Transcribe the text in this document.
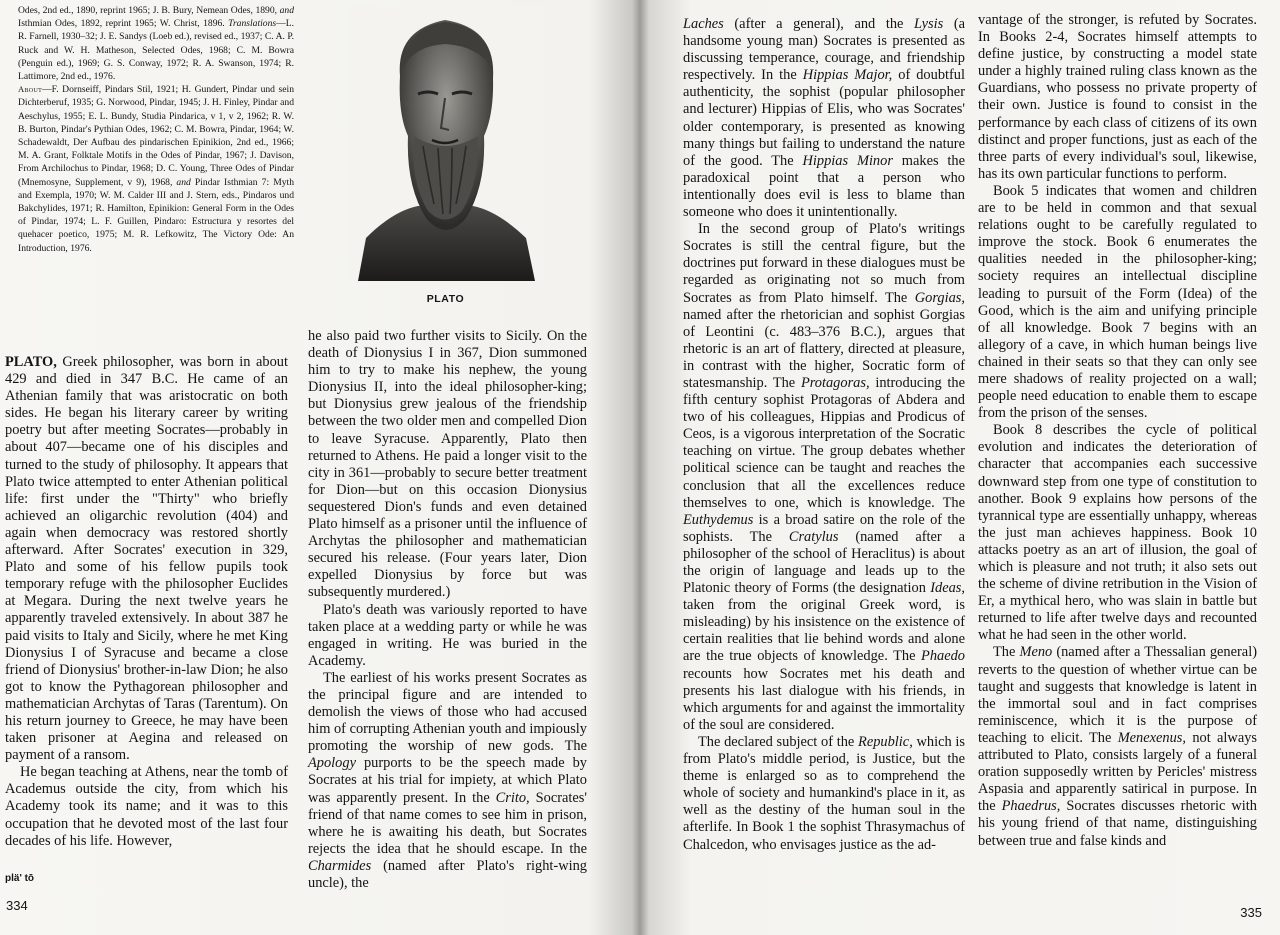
Odes, 2nd ed., 1890, reprint 1965; J. B. Bury, Nemean Odes, 1890, and Isthmian Odes, 1892, reprint 1965; W. Christ, 1896. Translations—L. R. Farnell, 1930–32; J. E. Sandys (Loeb ed.), revised ed., 1937; C. A. P. Ruck and W. H. Matheson, Selected Odes, 1968; C. M. Bowra (Penguin ed.), 1969; G. S. Conway, 1972; R. A. Swanson, 1974; R. Lattimore, 2nd ed., 1976.

About—F. Dornseiff, Pindars Stil, 1921; H. Gundert, Pindar und sein Dichterberuf, 1935; G. Norwood, Pindar, 1945; J. H. Finley, Pindar and Aeschylus, 1955; E. L. Bundy, Studia Pindarica, v 1, v 2, 1962; R. W. B. Burton, Pindar's Pythian Odes, 1962; C. M. Bowra, Pindar, 1964; W. Schadewaldt, Der Aufbau des pindarischen Epinikion, 2nd ed., 1966; M. A. Grant, Folktale Motifs in the Odes of Pindar, 1967; J. Davison, From Archilochus to Pindar, 1968; D. C. Young, Three Odes of Pindar (Mnemosyne, Supplement, v 9), 1968, and Pindar Isthmian 7: Myth and Exempla, 1970; W. M. Calder III and J. Stern, eds., Pindaros und Bakchylides, 1971; R. Hamilton, Epinikion: General Form in the Odes of Pindar, 1974; L. F. Guillen, Pindaro: Estructura y resortes del quehacer poetico, 1975; M. R. Lefkowitz, The Victory Ode: An Introduction, 1976.

PLATO

PLATO, Greek philosopher, was born in about 429 and died in 347 B.C. He came of an Athenian family that was aristocratic on both sides. He began his literary career by writing poetry but after meeting Socrates—probably in about 407—became one of his disciples and turned to the study of philosophy. It appears that Plato twice attempted to enter Athenian political life: first under the "Thirty" who briefly achieved an oligarchic revolution (404) and again when democracy was restored shortly afterward. After Socrates' execution in 329, Plato and some of his fellow pupils took temporary refuge with the philosopher Euclides at Megara. During the next twelve years he apparently traveled extensively. In about 387 he paid visits to Italy and Sicily, where he met King Dionysius I of Syracuse and became a close friend of Dionysius' brother-in-law Dion; he also got to know the Pythagorean philosopher and mathematician Archytas of Taras (Tarentum). On his return journey to Greece, he may have been taken prisoner at Aegina and released on payment of a ransom.

He began teaching at Athens, near the tomb of Academus outside the city, from which his Academy took its name; and it was to this occupation that he devoted most of the last four decades of his life. However,

plä' tō

he also paid two further visits to Sicily. On the death of Dionysius I in 367, Dion summoned him to try to make his nephew, the young Dionysius II, into the ideal philosopher-king; but Dionysius grew jealous of the friendship between the two older men and compelled Dion to leave Syracuse. Apparently, Plato then returned to Athens. He paid a longer visit to the city in 361—probably to secure better treatment for Dion—but on this occasion Dionysius sequestered Dion's funds and even detained Plato himself as a prisoner until the influence of Archytas the philosopher and mathematician secured his release. (Four years later, Dion expelled Dionysius by force but was subsequently murdered.)

Plato's death was variously reported to have taken place at a wedding party or while he was engaged in writing. He was buried in the Academy.

The earliest of his works present Socrates as the principal figure and are intended to demolish the views of those who had accused him of corrupting Athenian youth and impiously promoting the worship of new gods. The Apology purports to be the speech made by Socrates at his trial for impiety, at which Plato was apparently present. In the Crito, Socrates' friend of that name comes to see him in prison, where he is awaiting his death, but Socrates rejects the idea that he should escape. In the Charmides (named after Plato's right-wing uncle), the

334

Laches (after a general), and the Lysis (a handsome young man) Socrates is presented as discussing temperance, courage, and friendship respectively. In the Hippias Major, of doubtful authenticity, the sophist (popular philosopher and lecturer) Hippias of Elis, who was Socrates' older contemporary, is presented as knowing many things but failing to understand the nature of the good. The Hippias Minor makes the paradoxical point that a person who intentionally does evil is less to blame than someone who does it unintentionally.

In the second group of Plato's writings Socrates is still the central figure, but the doctrines put forward in these dialogues must be regarded as originating not so much from Socrates as from Plato himself. The Gorgias, named after the rhetorician and sophist Gorgias of Leontini (c. 483–376 B.C.), argues that rhetoric is an art of flattery, directed at pleasure, in contrast with the higher, Socratic form of statesmanship. The Protagoras, introducing the fifth century sophist Protagoras of Abdera and two of his colleagues, Hippias and Prodicus of Ceos, is a vigorous interpretation of the Socratic teaching on virtue. The group debates whether political science can be taught and reaches the conclusion that all the excellences reduce themselves to one, which is knowledge. The Euthydemus is a broad satire on the role of the sophists. The Cratylus (named after a philosopher of the school of Heraclitus) is about the origin of language and leads up to the Platonic theory of Forms (the designation Ideas, taken from the original Greek word, is misleading) by his insistence on the existence of certain realities that lie behind words and alone are the true objects of knowledge. The Phaedo recounts how Socrates met his death and presents his last dialogue with his friends, in which arguments for and against the immortality of the soul are considered.

The declared subject of the Republic, which is from Plato's middle period, is Justice, but the theme is enlarged so as to comprehend the whole of society and humankind's place in it, as well as the destiny of the human soul in the afterlife. In Book 1 the sophist Thrasymachus of Chalcedon, who envisages justice as the ad-

vantage of the stronger, is refuted by Socrates. In Books 2-4, Socrates himself attempts to define justice, by constructing a model state under a highly trained ruling class known as the Guardians, who possess no private property of their own. Justice is found to consist in the performance by each class of citizens of its own distinct and proper functions, just as each of the three parts of every individual's soul, likewise, has its own particular functions to perform.

Book 5 indicates that women and children are to be held in common and that sexual relations ought to be carefully regulated to improve the stock. Book 6 enumerates the qualities needed in the philosopher-king; society requires an intellectual discipline leading to pursuit of the Form (Idea) of the Good, which is the aim and unifying principle of all knowledge. Book 7 begins with an allegory of a cave, in which human beings live chained in their seats so that they can only see mere shadows of reality projected on a wall; people need education to enable them to escape from the prison of the senses.

Book 8 describes the cycle of political evolution and indicates the deterioration of character that accompanies each successive downward step from one type of constitution to another. Book 9 explains how persons of the tyrannical type are essentially unhappy, whereas the just man achieves happiness. Book 10 attacks poetry as an art of illusion, the goal of which is pleasure and not truth; it also sets out the scheme of divine retribution in the Vision of Er, a mythical hero, who was slain in battle but returned to life after twelve days and recounted what he had seen in the other world.

The Meno (named after a Thessalian general) reverts to the question of whether virtue can be taught and suggests that knowledge is latent in the immortal soul and in fact comprises reminiscence, which it is the purpose of teaching to elicit. The Menexenus, not always attributed to Plato, consists largely of a funeral oration supposedly written by Pericles' mistress Aspasia and apparently satirical in purpose. In the Phaedrus, Socrates discusses rhetoric with his young friend of that name, distinguishing between true and false kinds and

335
